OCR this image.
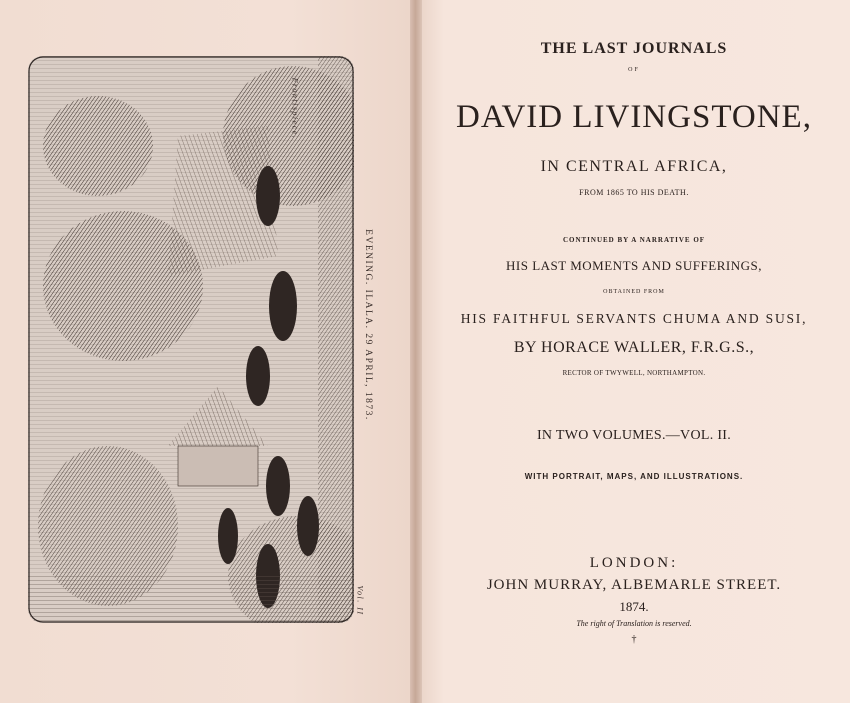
EVENING. ILALA. 29 APRIL, 1873.
Frontispiece.
Vol. II
THE LAST JOURNALS
OF
DAVID LIVINGSTONE,
IN CENTRAL AFRICA,
FROM 1865 TO HIS DEATH.
CONTINUED BY A NARRATIVE OF
HIS LAST MOMENTS AND SUFFERINGS,
OBTAINED FROM
HIS FAITHFUL SERVANTS CHUMA AND SUSI,
BY HORACE WALLER, F.R.G.S.,
RECTOR OF TWYWELL, NORTHAMPTON.
IN TWO VOLUMES.—VOL. II.
WITH PORTRAIT, MAPS, AND ILLUSTRATIONS.
LONDON:
JOHN MURRAY, ALBEMARLE STREET.
1874.
The right of Translation is reserved.
†
